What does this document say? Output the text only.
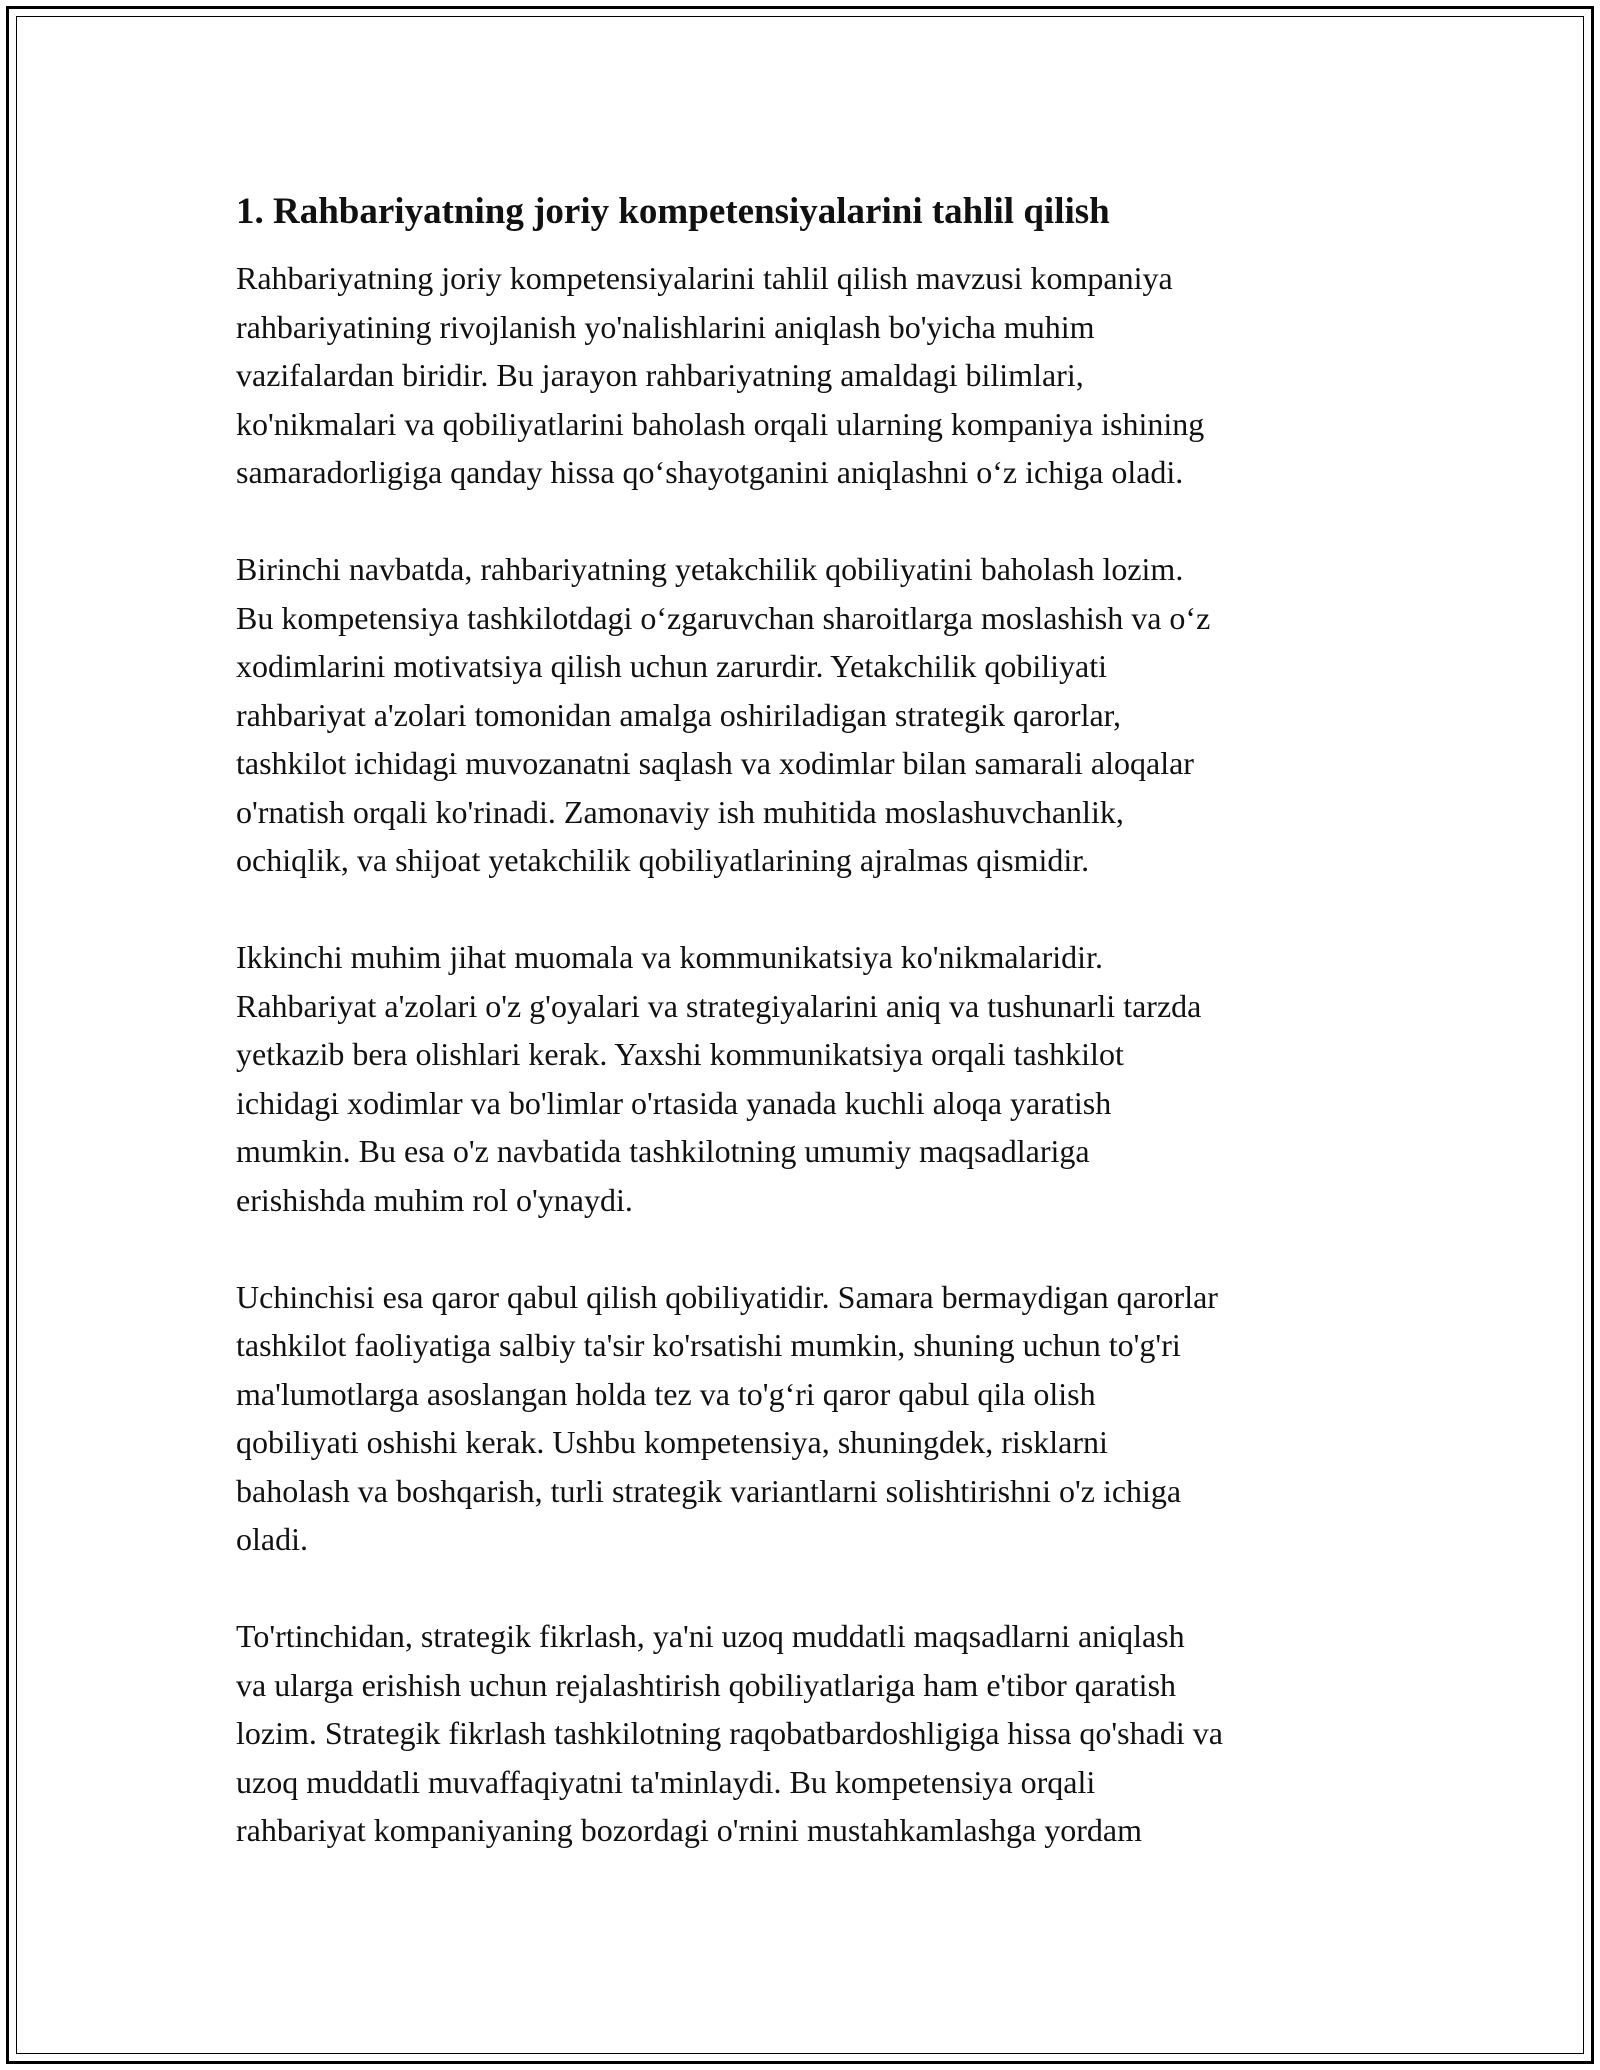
1. Rahbariyatning joriy kompetensiyalarini tahlil qilish
Rahbariyatning joriy kompetensiyalarini tahlil qilish mavzusi kompaniya
rahbariyatining rivojlanish yo'nalishlarini aniqlash bo'yicha muhim
vazifalardan biridir. Bu jarayon rahbariyatning amaldagi bilimlari,
ko'nikmalari va qobiliyatlarini baholash orqali ularning kompaniya ishining
samaradorligiga qanday hissa qo‘shayotganini aniqlashni o‘z ichiga oladi.
Birinchi navbatda, rahbariyatning yetakchilik qobiliyatini baholash lozim.
Bu kompetensiya tashkilotdagi o‘zgaruvchan sharoitlarga moslashish va o‘z
xodimlarini motivatsiya qilish uchun zarurdir. Yetakchilik qobiliyati
rahbariyat a'zolari tomonidan amalga oshiriladigan strategik qarorlar,
tashkilot ichidagi muvozanatni saqlash va xodimlar bilan samarali aloqalar
o'rnatish orqali ko'rinadi. Zamonaviy ish muhitida moslashuvchanlik,
ochiqlik, va shijoat yetakchilik qobiliyatlarining ajralmas qismidir.
Ikkinchi muhim jihat muomala va kommunikatsiya ko'nikmalaridir.
Rahbariyat a'zolari o'z g'oyalari va strategiyalarini aniq va tushunarli tarzda
yetkazib bera olishlari kerak. Yaxshi kommunikatsiya orqali tashkilot
ichidagi xodimlar va bo'limlar o'rtasida yanada kuchli aloqa yaratish
mumkin. Bu esa o'z navbatida tashkilotning umumiy maqsadlariga
erishishda muhim rol o'ynaydi.
Uchinchisi esa qaror qabul qilish qobiliyatidir. Samara bermaydigan qarorlar
tashkilot faoliyatiga salbiy ta'sir ko'rsatishi mumkin, shuning uchun to'g'ri
ma'lumotlarga asoslangan holda tez va to'g‘ri qaror qabul qila olish
qobiliyati oshishi kerak. Ushbu kompetensiya, shuningdek, risklarni
baholash va boshqarish, turli strategik variantlarni solishtirishni o'z ichiga
oladi.
To'rtinchidan, strategik fikrlash, ya'ni uzoq muddatli maqsadlarni aniqlash
va ularga erishish uchun rejalashtirish qobiliyatlariga ham e'tibor qaratish
lozim. Strategik fikrlash tashkilotning raqobatbardoshligiga hissa qo'shadi va
uzoq muddatli muvaffaqiyatni ta'minlaydi. Bu kompetensiya orqali
rahbariyat kompaniyaning bozordagi o'rnini mustahkamlashga yordam
